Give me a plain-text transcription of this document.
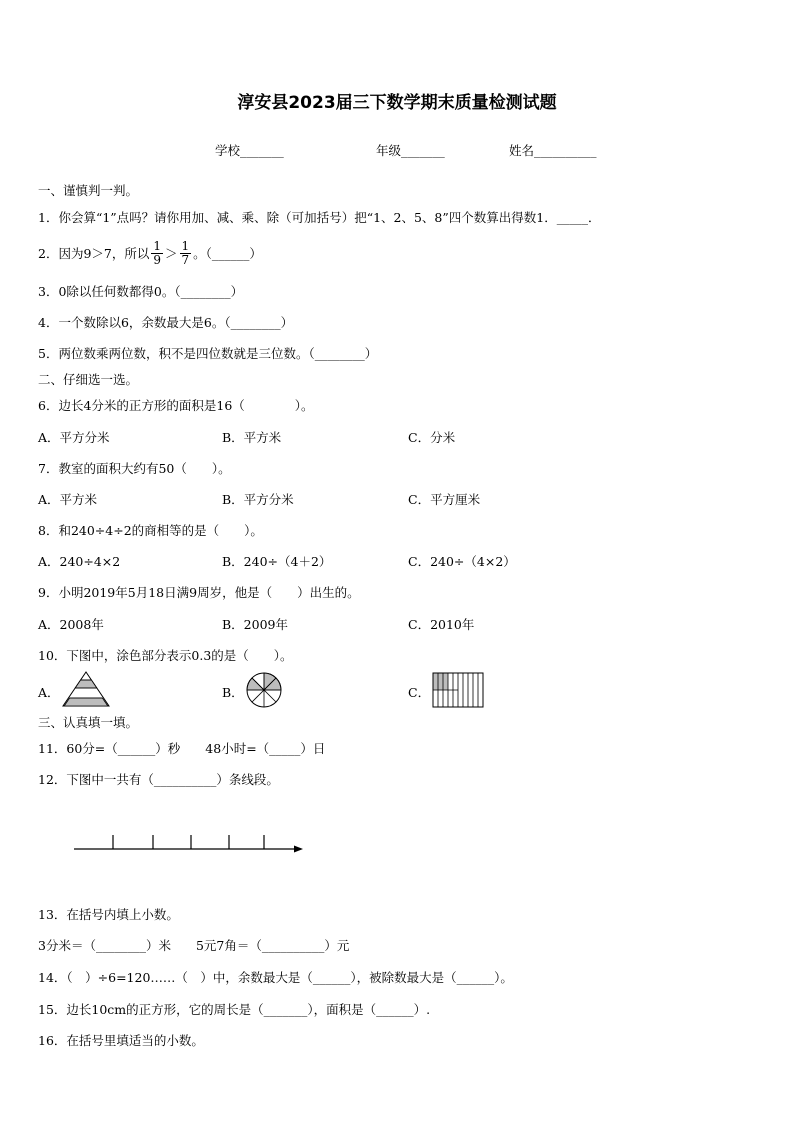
淳安县2023届三下数学期末质量检测试题
学校_______	年级_______	姓名__________
一、谨慎判一判。
1．你会算“1”点吗？请你用加、减、乘、除（可加括号）把“1、2、5、8”四个数算出得数1．_____．
2．因为9＞7，所以 $\frac{1}{9} > \frac{1}{7}$ 。（______）
3．0除以任何数都得0。（________）
4．一个数除以6，余数最大是6。（________）
5．两位数乘两位数，积不是四位数就是三位数。（________）
二、仔细选一选。
6．边长4分米的正方形的面积是16（　　　　）。
A．平方分米	B．平方米	C．分米
7．教室的面积大约有50（　　）。
A．平方米	B．平方分米	C．平方厘米
8．和240÷4÷2的商相等的是（　　）。
A．240÷4×2	B．240÷（4＋2）	C．240÷（4×2）
9．小明2019年5月18日满9周岁，他是（　　）出生的。
A．2008年	B．2009年	C．2010年
10．下图中，涂色部分表示0.3的是（　　）。
A．	B．	C．
三、认真填一填。
11．60分=（______）秒　　48小时=（_____）日
12．下图中一共有（__________）条线段。
13．在括号内填上小数。
3分米＝（________）米　　5元7角＝（__________）元
14．（　）÷6=120……（　）中，余数最大是（______），被除数最大是（______）。
15．边长10cm的正方形，它的周长是（_______），面积是（______）.
16．在括号里填适当的小数。
